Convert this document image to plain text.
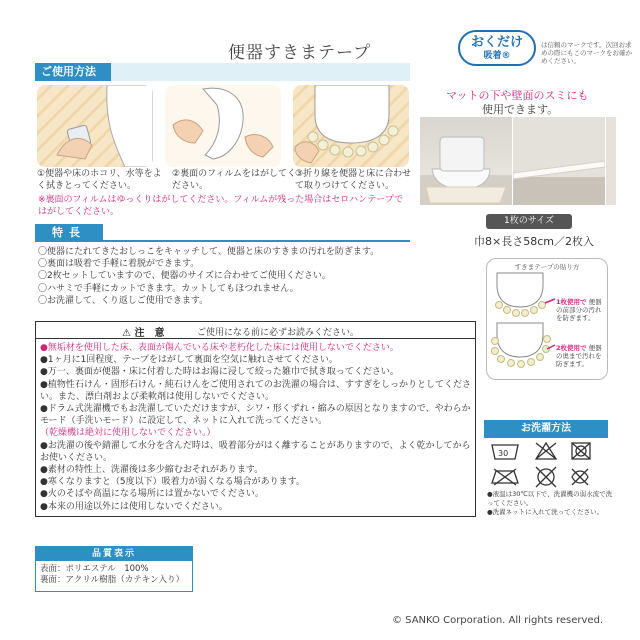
便器すきまテープ
おくだけ
吸着®
は信頼のマークです。次回お求めの際にもこのマークをお確かめください。
ご使用方法
①便器や床のホコリ、水等をよく拭きとってください。
②裏面のフィルムをはがしてください。
③折り線を便器と床に合わせて取りつけてください。
※裏面のフィルムはゆっくりはがしてください。フィルムが残った場合はセロハンテープではがしてください。
マットの下や壁面のスミにも
使用できます。
1枚のサイズ
巾8×長さ58cm／2枚入
特長
〇便器にたれてきたおしっこをキャッチして、便器と床のすきまの汚れを防ぎます。
〇裏面は吸着で手軽に着脱ができます。
〇2枚セットしていますので、便器のサイズに合わせてご使用ください。
〇ハサミで手軽にカットできます。カットしてもほつれません。
〇お洗濯して、くり返しご使用できます。
すきまテープの貼り方
1枚使用で 便器の前部分の汚れを防ぎます。
2枚使用で 便器の奥まで汚れを防ぎます。
⚠ 注　意	ご使用になる前に必ずお読みください。
●無垢材を使用した床、表面が傷んでいる床や老朽化した床には使用しないでください。
●1ヶ月に1回程度、テープをはがして裏面を空気に触れさせてください。
●万一、裏面が便器・床に付着した時はお湯に浸して絞った雑巾で拭き取ってください。
●植物性石けん・固形石けん・純石けんをご使用されてのお洗濯の場合は、すすぎをしっかりとしてください。また、漂白剤および柔軟剤は使用しないでください。
●ドラム式洗濯機でもお洗濯していただけますが、シワ・形くずれ・縮みの原因となりますので、やわらかモード（手洗いモード）に設定して、ネットに入れて洗ってください。
（乾燥機は絶対に使用しないでください。）
●お洗濯の後や錆濯して水分を含んだ時は、吸着部分がはく離することがありますので、よく乾かしてからお使いください。
●素材の特性上、洗濯後は多少縮むおそれがあります。
●寒くなりますと（5度以下）吸着力が弱くなる場合があります。
●火のそばや高温になる場所には置かないでください。
●本来の用途以外には使用しないでください。
お洗濯方法
30
●液温は30℃以下で、洗濯機の弱水流で洗ってください。
●洗濯ネットに入れて洗ってください。
品質表示
表面：ポリエステル　100%
裏面：アクリル樹脂（カテキン入り）
© SANKO Corporation. All rights reserved.
